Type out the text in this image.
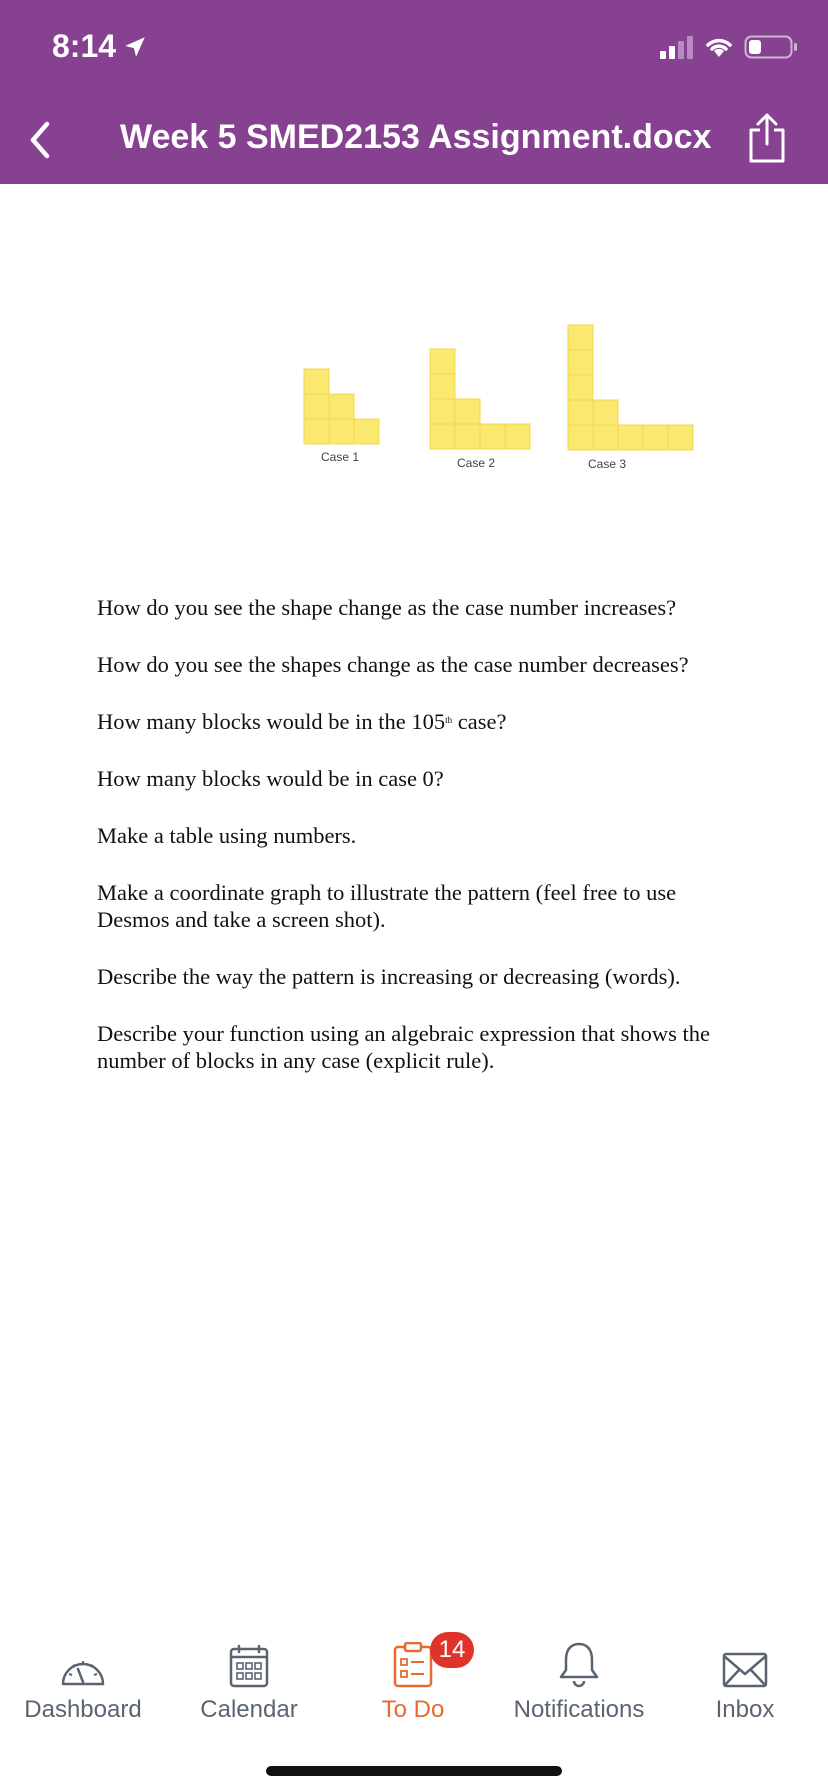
8:14
Week 5 SMED2153 Assignment.docx
Case 1	Case 2	Case 3

How do you see the shape change as the case number increases?

How do you see the shapes change as the case number decreases?

How many blocks would be in the 105th case?

How many blocks would be in case 0?

Make a table using numbers.

Make a coordinate graph to illustrate the pattern (feel free to use Desmos and take a screen shot).

Describe the way the pattern is increasing or decreasing (words).

Describe your function using an algebraic expression that shows the number of blocks in any case (explicit rule).

Dashboard	Calendar	To Do
14
Notifications	Inbox
